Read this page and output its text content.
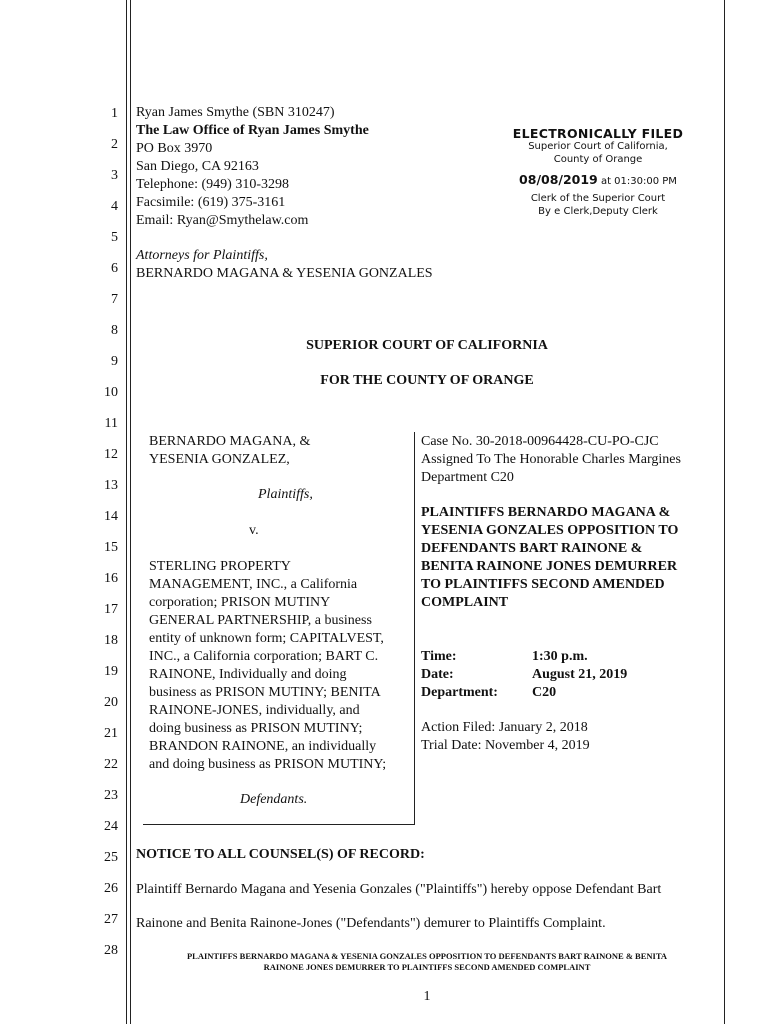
1
2
3
4
5
6
7
8
9
10
11
12
13
14
15
16
17
18
19
20
21
22
23
24
25
26
27
28
Ryan James Smythe (SBN 310247)
The Law Office of Ryan James Smythe
PO Box 3970
San Diego, CA 92163
Telephone: (949) 310-3298
Facsimile: (619) 375-3161
Email: Ryan@Smythelaw.com
Attorneys for Plaintiffs,
BERNARDO MAGANA & YESENIA GONZALES
ELECTRONICALLY FILED
Superior Court of California,
County of Orange
08/08/2019 at 01:30:00 PM
Clerk of the Superior Court
By e Clerk,Deputy Clerk
SUPERIOR COURT OF CALIFORNIA
FOR THE COUNTY OF ORANGE
BERNARDO MAGANA, &
YESENIA GONZALEZ,
Plaintiffs,
v.
STERLING PROPERTY
MANAGEMENT, INC., a California
corporation; PRISON MUTINY
GENERAL PARTNERSHIP, a business
entity of unknown form; CAPITALVEST,
INC., a California corporation; BART C.
RAINONE, Individually and doing
business as PRISON MUTINY; BENITA
RAINONE-JONES, individually, and
doing business as PRISON MUTINY;
BRANDON RAINONE, an individually
and doing business as PRISON MUTINY;
Defendants.
Case No. 30-2018-00964428-CU-PO-CJC
Assigned To The Honorable Charles Margines
Department C20
PLAINTIFFS BERNARDO MAGANA &
YESENIA GONZALES OPPOSITION TO
DEFENDANTS BART RAINONE &
BENITA RAINONE JONES DEMURRER
TO PLAINTIFFS SECOND AMENDED
COMPLAINT
Time:	1:30 p.m.
Date:	August 21, 2019
Department: C20
Action Filed: January 2, 2018
Trial Date: November 4, 2019
NOTICE TO ALL COUNSEL(S) OF RECORD:
Plaintiff Bernardo Magana and Yesenia Gonzales ("Plaintiffs") hereby oppose Defendant Bart
Rainone and Benita Rainone-Jones ("Defendants") demurer to Plaintiffs Complaint.
PLAINTIFFS BERNARDO MAGANA & YESENIA GONZALES OPPOSITION TO DEFENDANTS BART RAINONE & BENITA
RAINONE JONES DEMURRER TO PLAINTIFFS SECOND AMENDED COMPLAINT
1
